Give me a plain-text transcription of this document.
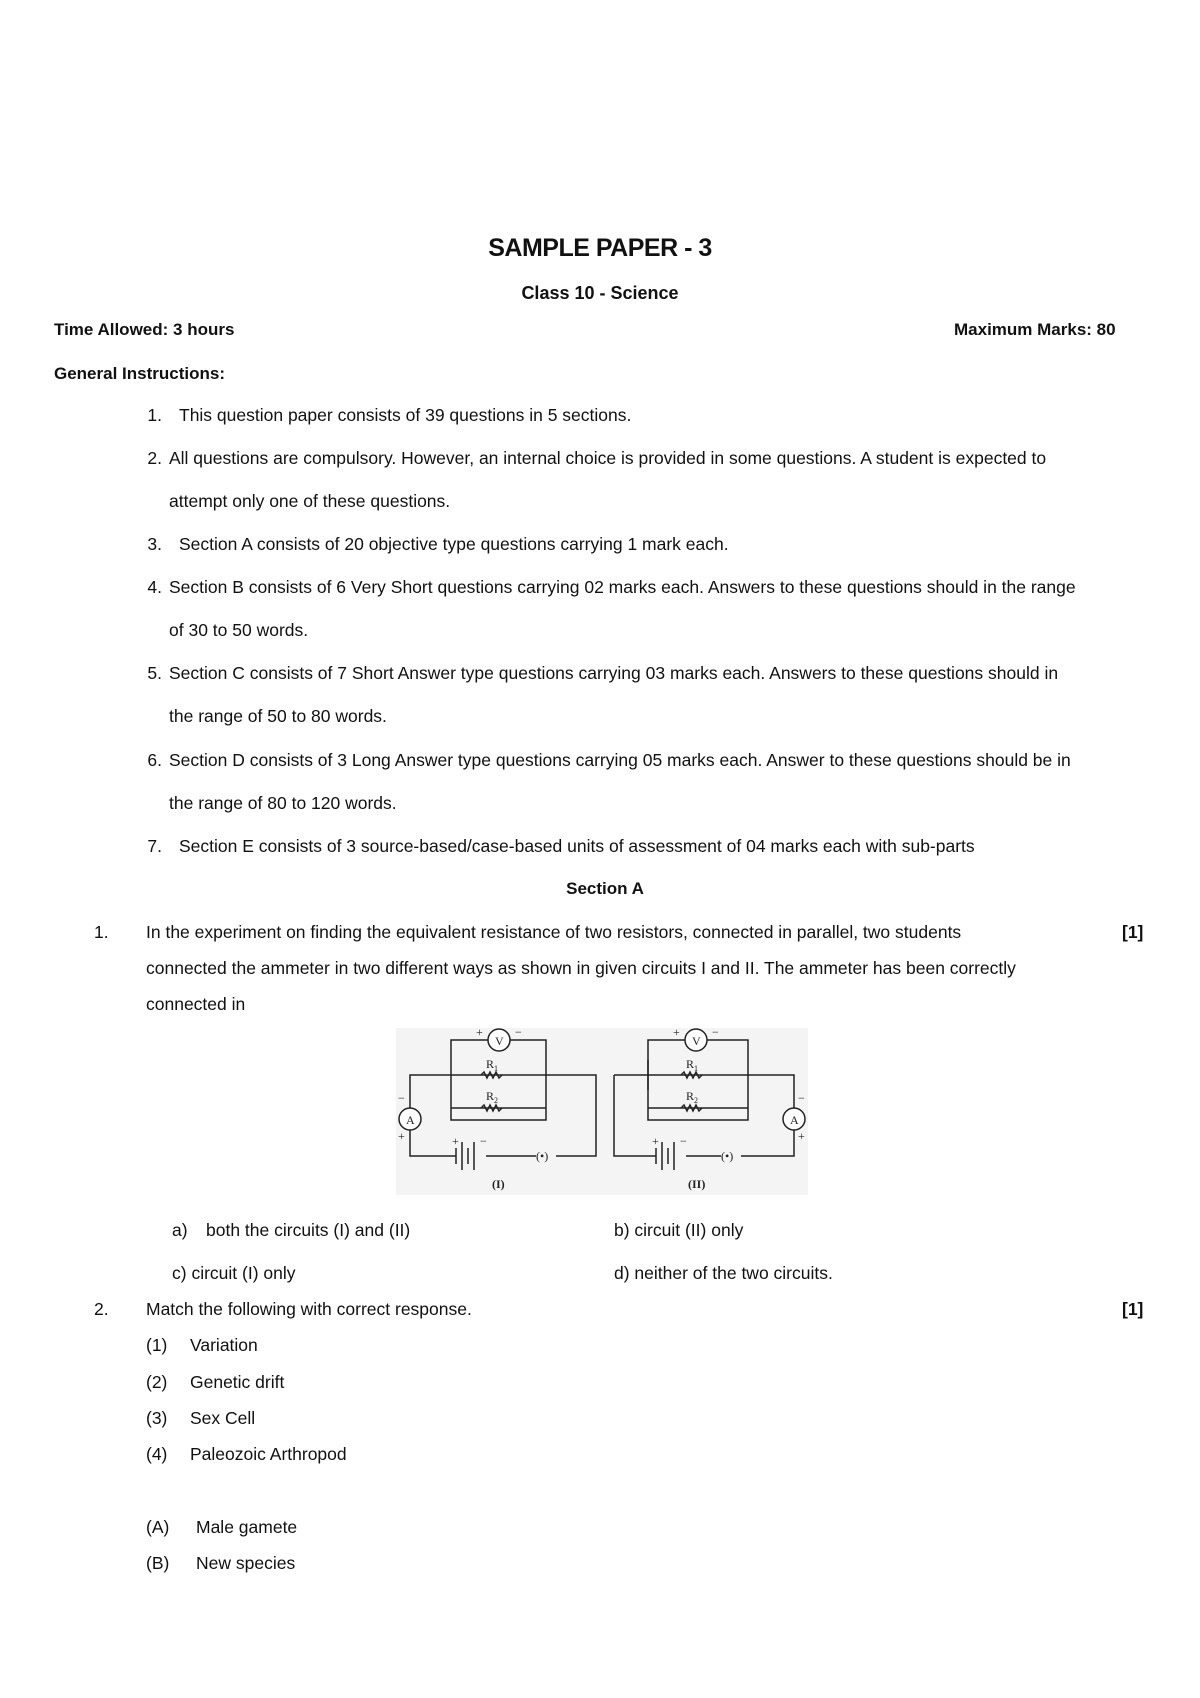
SAMPLE PAPER - 3
Class 10 - Science
Time Allowed: 3 hours	Maximum Marks: 80
General Instructions:
1. This question paper consists of 39 questions in 5 sections.
2. All questions are compulsory. However, an internal choice is provided in some questions. A student is expected to
attempt only one of these questions.
3. Section A consists of 20 objective type questions carrying 1 mark each.
4. Section B consists of 6 Very Short questions carrying 02 marks each. Answers to these questions should in the range
of 30 to 50 words.
5. Section C consists of 7 Short Answer type questions carrying 03 marks each. Answers to these questions should in
the range of 50 to 80 words.
6. Section D consists of 3 Long Answer type questions carrying 05 marks each. Answer to these questions should be in
the range of 80 to 120 words.
7. Section E consists of 3 source-based/case-based units of assessment of 04 marks each with sub-parts
Section A
1. In the experiment on finding the equivalent resistance of two resistors, connected in parallel, two students	[1]
connected the ammeter in two different ways as shown in given circuits I and II. The ammeter has been correctly
connected in
V
A
V
A
R 1
R 2
R 1
R 2
+	−	+	−
+
−
+
−
+ −	+ −
(•)	(•)
(I)	(II)
a) both the circuits (I) and (II)	b) circuit (II) only
c) circuit (I) only	d) neither of the two circuits.
2. Match the following with correct response.	[1]
(1) Variation
(2) Genetic drift
(3) Sex Cell
(4) Paleozoic Arthropod
(A) Male gamete
(B) New species
